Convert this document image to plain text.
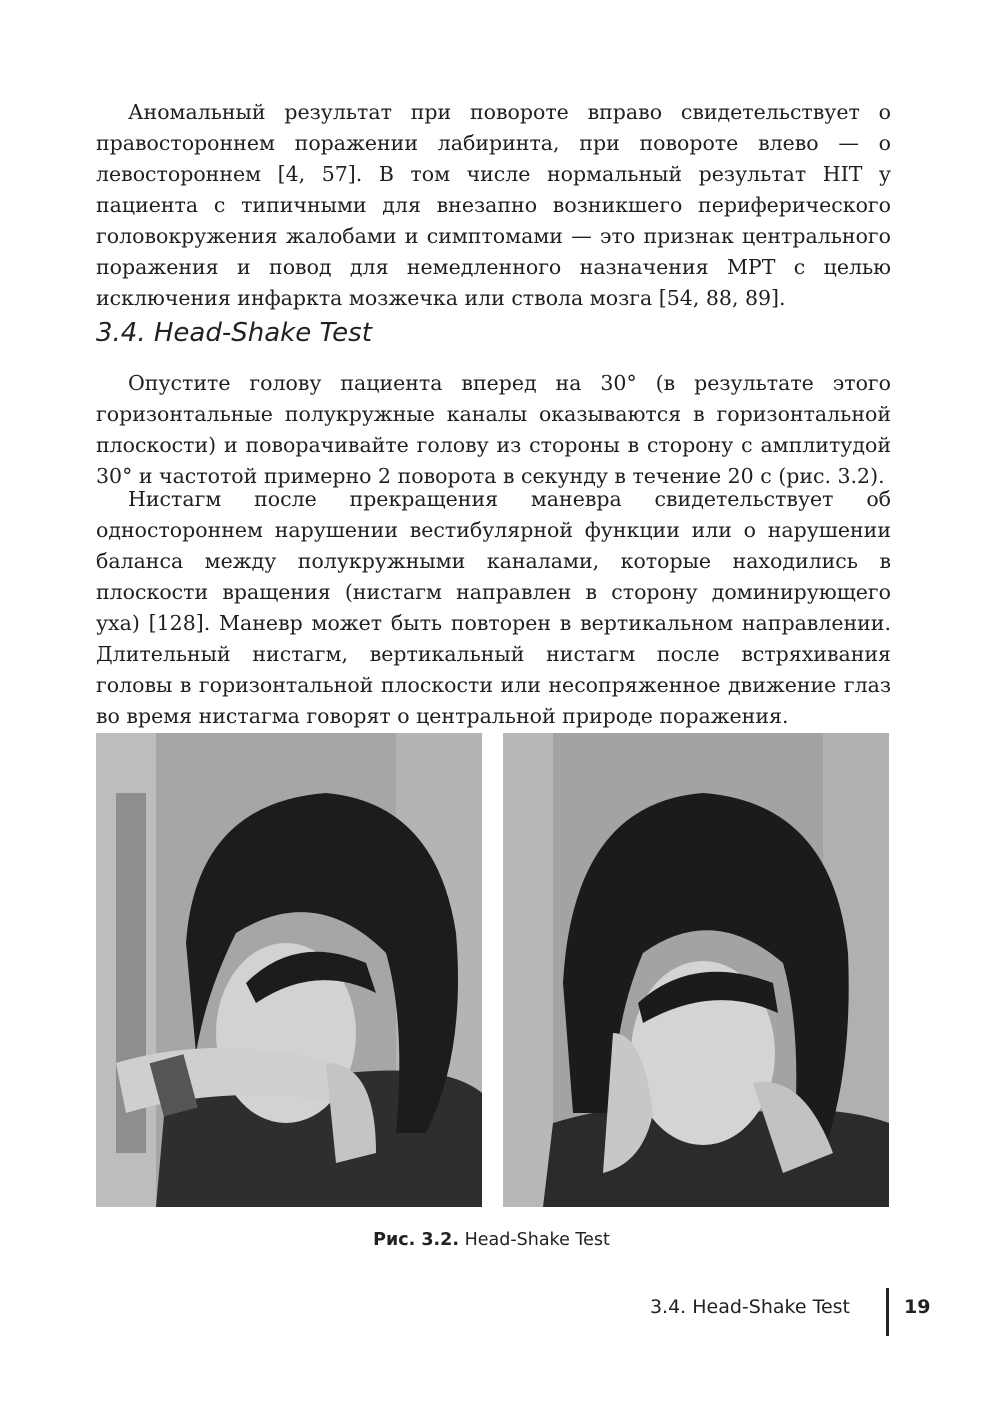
Аномальный результат при повороте вправо свидетельствует о правостороннем поражении лабиринта, при повороте влево — о левостороннем [4, 57]. В том числе нормальный результат HIT у пациента с типичными для внезапно возникшего периферического головокружения жалобами и симптомами — это признак центрального поражения и повод для немедленного назначения МРТ с целью исключения инфаркта мозжечка или ствола мозга [54, 88, 89].

3.4. Head-Shake Test

Опустите голову пациента вперед на 30° (в результате этого горизонтальные полукружные каналы оказываются в горизонтальной плоскости) и поворачивайте голову из стороны в сторону с амплитудой 30° и частотой примерно 2 поворота в секунду в течение 20 с (рис. 3.2).

Нистагм после прекращения маневра свидетельствует об одностороннем нарушении вестибулярной функции или о нарушении баланса между полукружными каналами, которые находились в плоскости вращения (нистагм направлен в сторону доминирующего уха) [128]. Маневр может быть повторен в вертикальном направлении. Длительный нистагм, вертикальный нистагм после встряхивания головы в горизонтальной плоскости или несопряженное движение глаз во время нистагма говорят о центральной природе поражения.

Рис. 3.2. Head-Shake Test
3.4. Head-Shake Test	19
